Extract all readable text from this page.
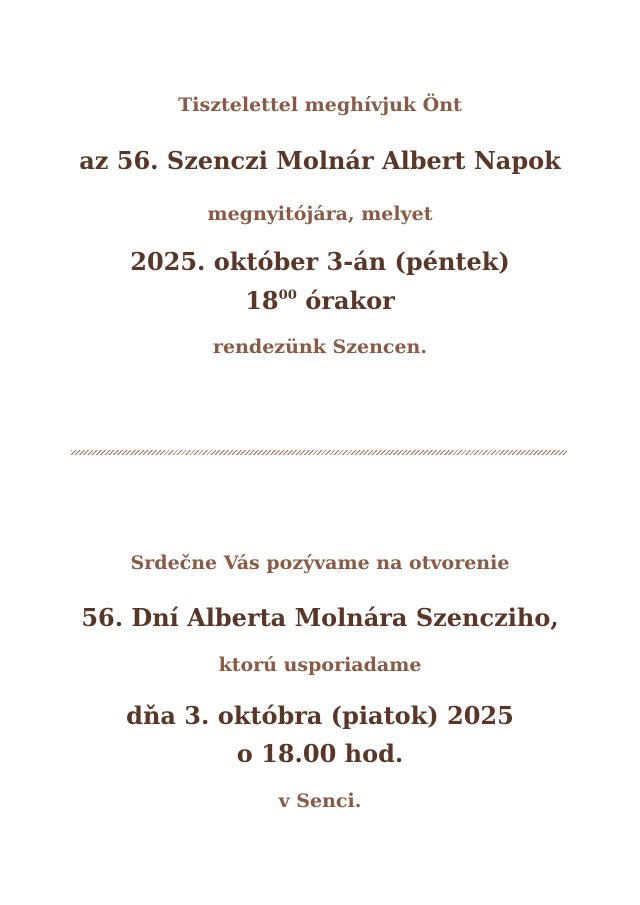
Tisztelettel meghívjuk Önt
az 56. Szenczi Molnár Albert Napok
megnyitójára, melyet
2025. október 3-án (péntek)
$18^{00}$ órakor
rendezünk Szencen.
Srdečne Vás pozývame na otvorenie
56. Dní Alberta Molnára Szencziho,
ktorú usporiadame
dňa 3. októbra (piatok) 2025
o 18.00 hod.
v Senci.
